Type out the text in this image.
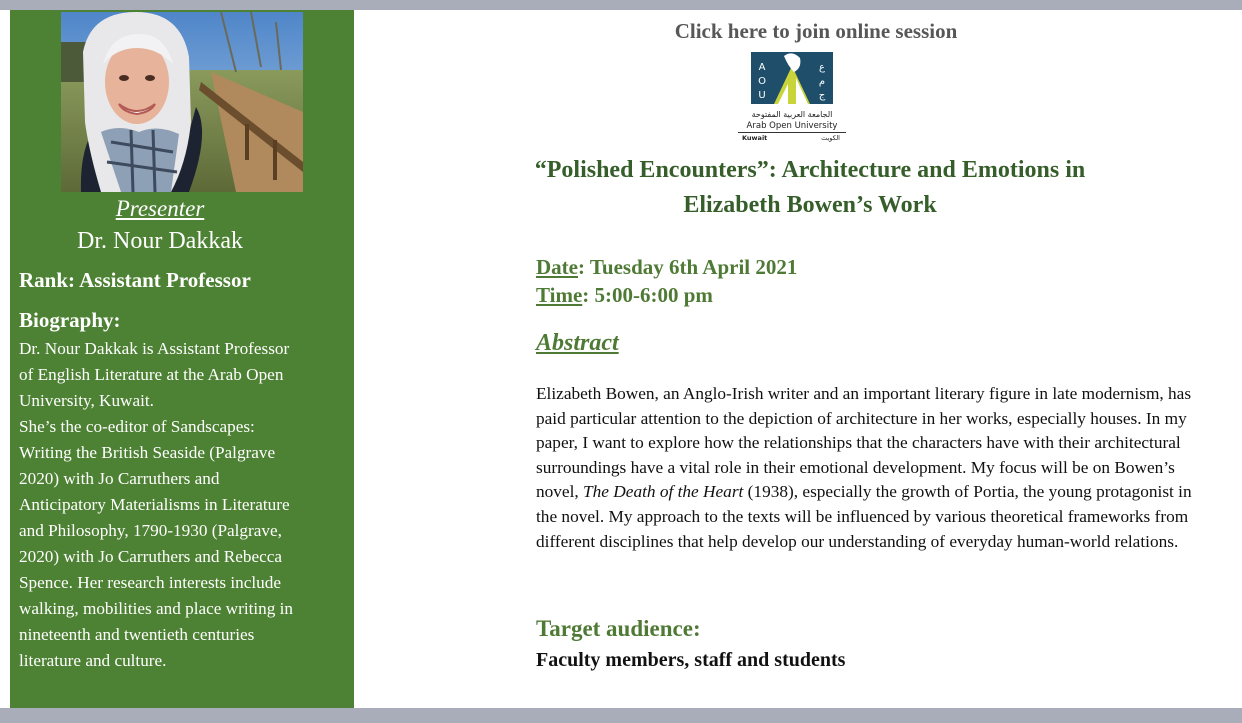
Presenter
Dr. Nour Dakkak
Rank: Assistant Professor
Biography:
Dr. Nour Dakkak is Assistant Professor
of English Literature at the Arab Open
University, Kuwait.
She’s the co-editor of Sandscapes:
Writing the British Seaside (Palgrave
2020) with Jo Carruthers and
Anticipatory Materialisms in Literature
and Philosophy, 1790-1930 (Palgrave,
2020) with Jo Carruthers and Rebecca
Spence. Her research interests include
walking, mobilities and place writing in
nineteenth and twentieth centuries
literature and culture.
Click here to join online session
A
O
U
ع
م
ج
الجامعة العربية المفتوحة
Arab Open University
Kuwait	الكويت
“Polished Encounters”: Architecture and Emotions in
Elizabeth Bowen’s Work
Date: Tuesday 6th April 2021
Time: 5:00-6:00 pm
Abstract
Elizabeth Bowen, an Anglo-Irish writer and an important literary figure in late modernism, has paid particular attention to the depiction of architecture in her works, especially houses. In my paper, I want to explore how the relationships that the characters have with their architectural surroundings have a vital role in their emotional development. My focus will be on Bowen’s novel, The Death of the Heart (1938), especially the growth of Portia, the young protagonist in the novel. My approach to the texts will be influenced by various theoretical frameworks from different disciplines that help develop our understanding of everyday human-world relations.
Target audience:
Faculty members, staff and students
